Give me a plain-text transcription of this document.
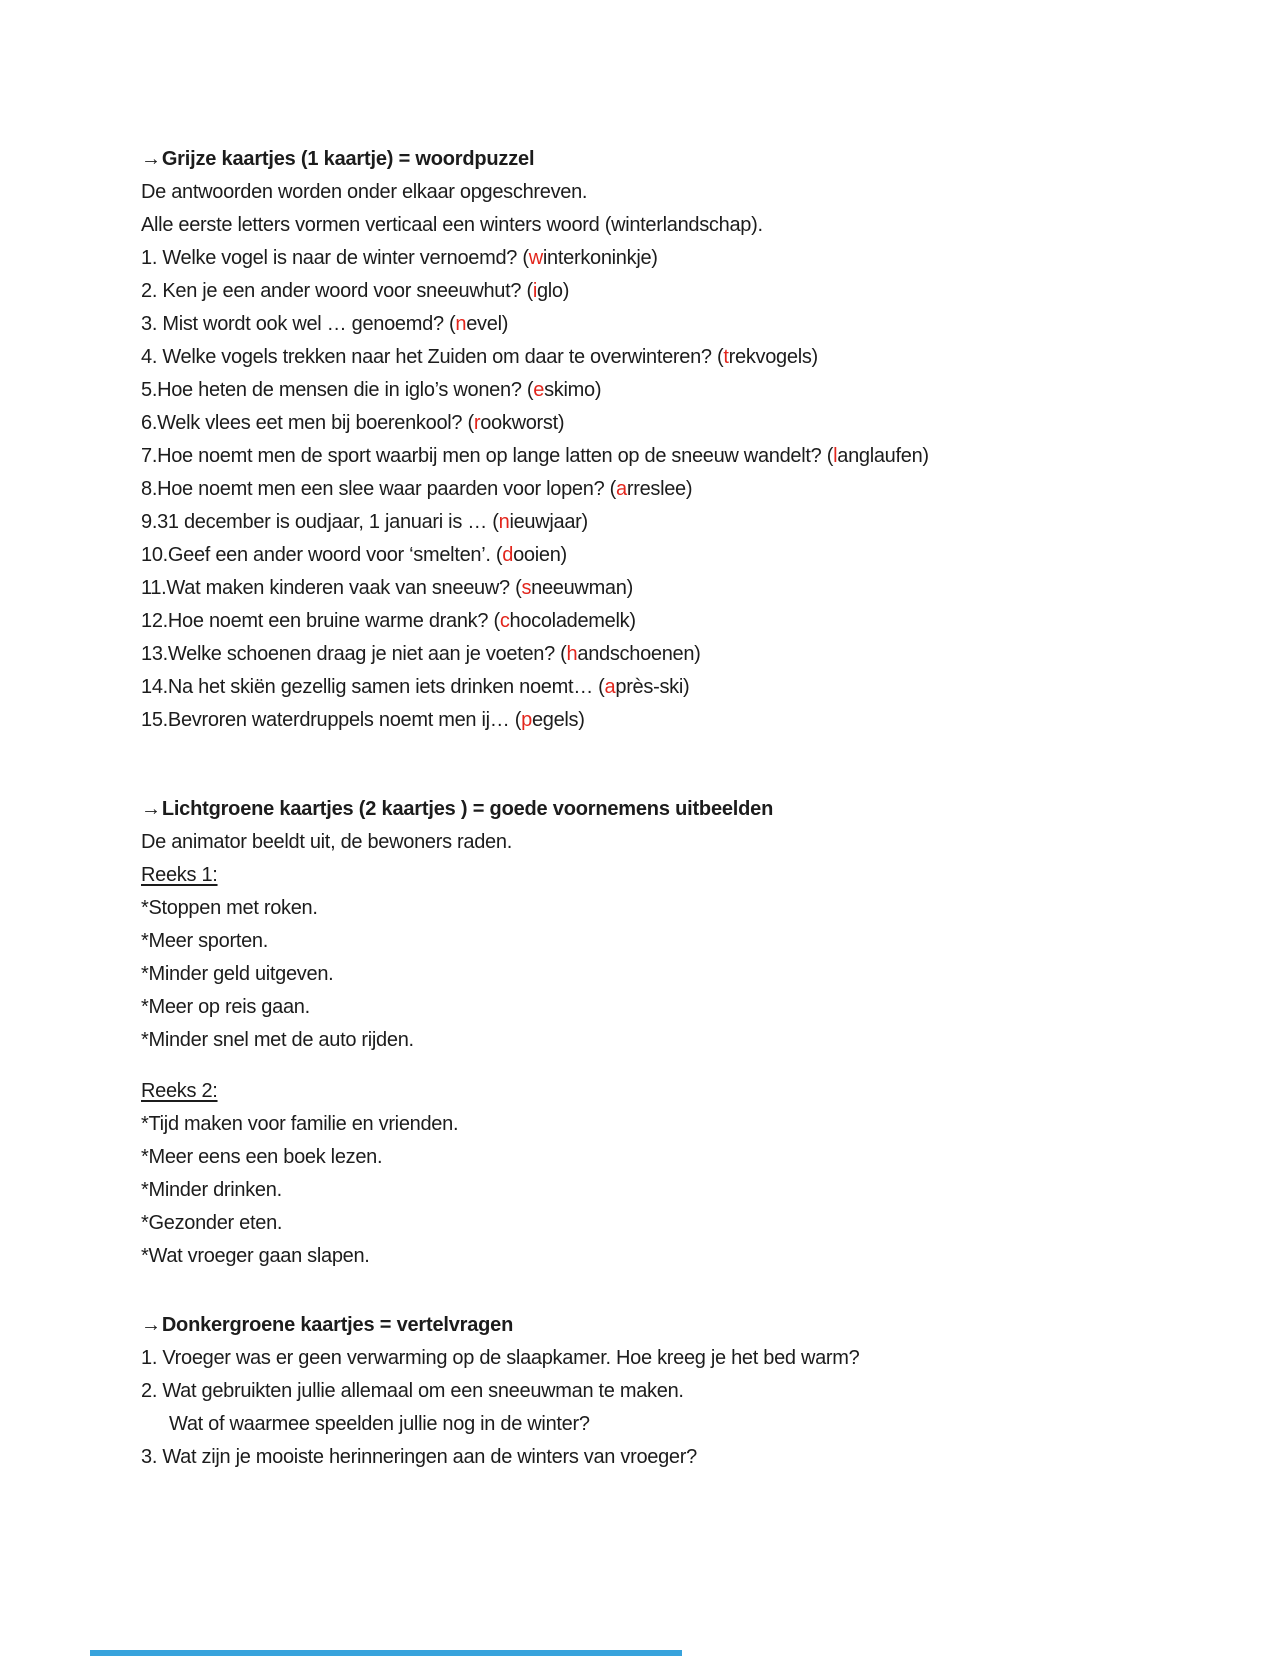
→Grijze kaartjes (1 kaartje) = woordpuzzel

De antwoorden worden onder elkaar opgeschreven.

Alle eerste letters vormen verticaal een winters woord (winterlandschap).

1. Welke vogel is naar de winter vernoemd? (winterkoninkje)

2. Ken je een ander woord voor sneeuwhut? (iglo)

3. Mist wordt ook wel … genoemd? (nevel)

4. Welke vogels trekken naar het Zuiden om daar te overwinteren? (trekvogels)

5.Hoe heten de mensen die in iglo’s wonen? (eskimo)

6.Welk vlees eet men bij boerenkool? (rookworst)

7.Hoe noemt men de sport waarbij men op lange latten op de sneeuw wandelt? (langlaufen)

8.Hoe noemt men een slee waar paarden voor lopen? (arreslee)

9.31 december is oudjaar, 1 januari is … (nieuwjaar)

10.Geef een ander woord voor ‘smelten’. (dooien)

11.Wat maken kinderen vaak van sneeuw? (sneeuwman)

12.Hoe noemt een bruine warme drank? (chocolademelk)

13.Welke schoenen draag je niet aan je voeten? (handschoenen)

14.Na het skiën gezellig samen iets drinken noemt… (après-ski)

15.Bevroren waterdruppels noemt men ij… (pegels)

→Lichtgroene kaartjes (2 kaartjes ) = goede voornemens uitbeelden

De animator beeldt uit, de bewoners raden.

Reeks 1:

*Stoppen met roken.

*Meer sporten.

*Minder geld uitgeven.

*Meer op reis gaan.

*Minder snel met de auto rijden.

Reeks 2:

*Tijd maken voor familie en vrienden.

*Meer eens een boek lezen.

*Minder drinken.

*Gezonder eten.

*Wat vroeger gaan slapen.

→Donkergroene kaartjes = vertelvragen

1. Vroeger was er geen verwarming op de slaapkamer. Hoe kreeg je het bed warm?

2. Wat gebruikten jullie allemaal om een sneeuwman te maken.

Wat of waarmee speelden jullie nog in de winter?

3. Wat zijn je mooiste herinneringen aan de winters van vroeger?
